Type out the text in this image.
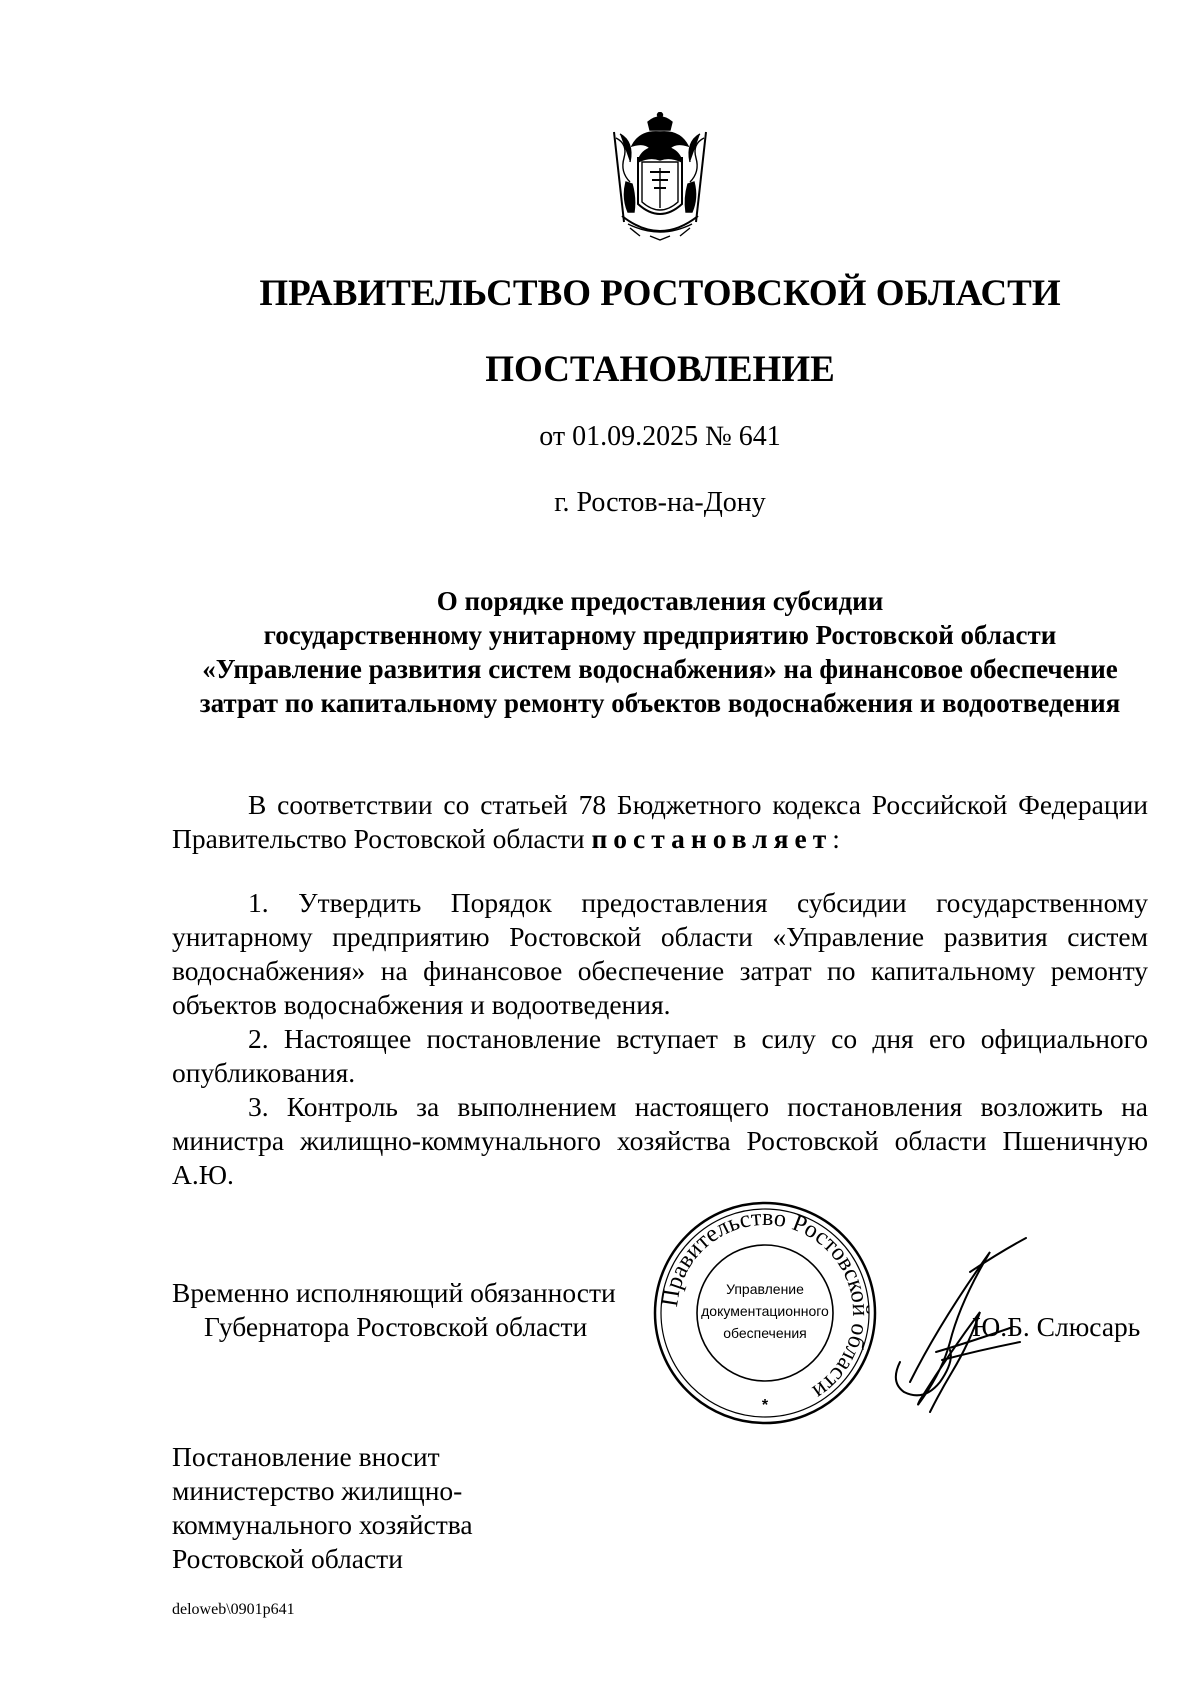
ПРАВИТЕЛЬСТВО РОСТОВСКОЙ ОБЛАСТИ
ПОСТАНОВЛЕНИЕ
от 01.09.2025 № 641
г. Ростов-на-Дону
О порядке предоставления субсидии
государственному унитарному предприятию Ростовской области
«Управление развития систем водоснабжения» на финансовое обеспечение
затрат по капитальному ремонту объектов водоснабжения и водоотведения

В соответствии со статьей 78 Бюджетного кодекса Российской Федерации Правительство Ростовской области постановляет:

1. Утвердить Порядок предоставления субсидии государственному унитарному предприятию Ростовской области «Управление развития систем водоснабжения» на финансовое обеспечение затрат по капитальному ремонту объектов водоснабжения и водоотведения.

2. Настоящее постановление вступает в силу со дня его официального опубликования.

3. Контроль за выполнением настоящего постановления возложить на министра жилищно-коммунального хозяйства Ростовской области Пшеничную А.Ю.

Временно исполняющий обязанности
Губернатора Ростовской области
Правительство Ростовской области
Управление
документационного
обеспечения
*
Ю.Б. Слюсарь
Постановление вносит
министерство жилищно-
коммунального хозяйства
Ростовской области
deloweb\0901p641
